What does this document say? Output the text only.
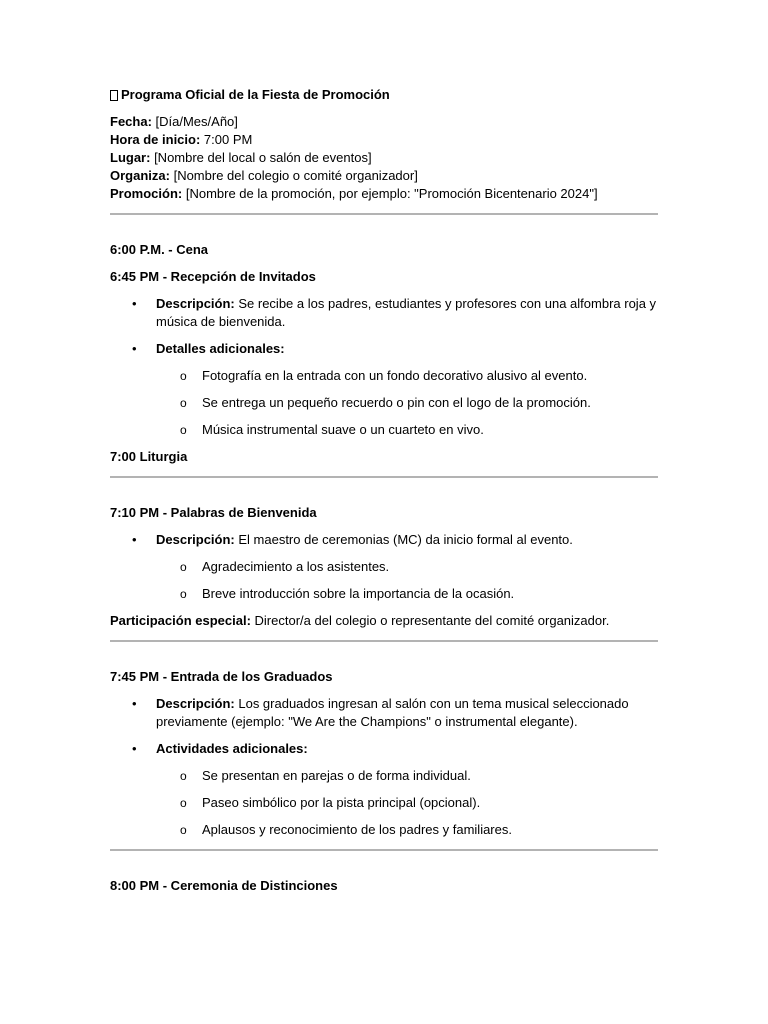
Programa Oficial de la Fiesta de Promoción
Fecha: [Día/Mes/Año]
Hora de inicio: 7:00 PM
Lugar: [Nombre del local o salón de eventos]
Organiza: [Nombre del colegio o comité organizador]
Promoción: [Nombre de la promoción, por ejemplo: "Promoción Bicentenario 2024"]
6:00 P.M. - Cena
6:45 PM - Recepción de Invitados
• Descripción: Se recibe a los padres, estudiantes y profesores con una alfombra roja y música de bienvenida.
• Detalles adicionales:
o Fotografía en la entrada con un fondo decorativo alusivo al evento.
o Se entrega un pequeño recuerdo o pin con el logo de la promoción.
o Música instrumental suave o un cuarteto en vivo.
7:00 Liturgia
7:10 PM - Palabras de Bienvenida
• Descripción: El maestro de ceremonias (MC) da inicio formal al evento.
o Agradecimiento a los asistentes.
o Breve introducción sobre la importancia de la ocasión.
Participación especial: Director/a del colegio o representante del comité organizador.
7:45 PM - Entrada de los Graduados
• Descripción: Los graduados ingresan al salón con un tema musical seleccionado previamente (ejemplo: "We Are the Champions" o instrumental elegante).
• Actividades adicionales:
o Se presentan en parejas o de forma individual.
o Paseo simbólico por la pista principal (opcional).
o Aplausos y reconocimiento de los padres y familiares.
8:00 PM - Ceremonia de Distinciones
